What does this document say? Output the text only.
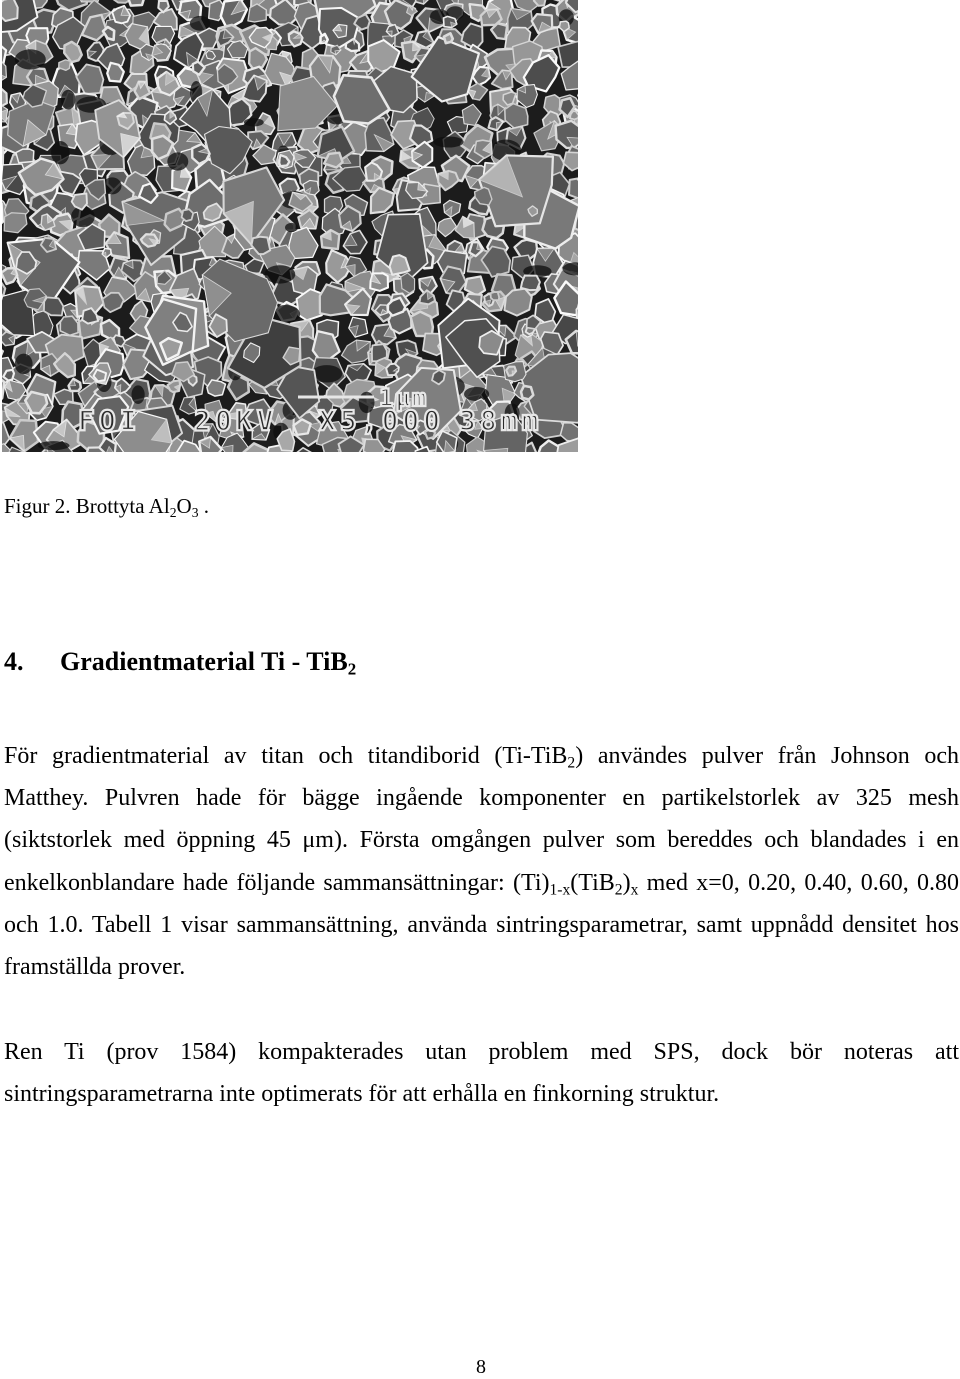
1µm
FOI 20KV X5,000 38mm
Figur 2. Brottyta $Al_2O_3$ .
4. Gradientmaterial Ti - TiB$_2$
För gradientmaterial av titan och titandiborid (Ti-TiB$_2$) användes pulver från Johnson och
Matthey. Pulvren hade för bägge ingående komponenter en partikelstorlek av 325 mesh
(siktstorlek med öppning 45 μm). Första omgången pulver som bereddes och blandades i en
enkelkonblandare hade följande sammansättningar: $(Ti)_{1-x}(TiB_2)_x$ med x=0, 0.20, 0.40, 0.60, 0.80
och 1.0. Tabell 1 visar sammansättning, använda sintringsparametrar, samt uppnådd densitet hos
framställda prover.
Ren Ti (prov 1584) kompakterades utan problem med SPS, dock bör noteras att
sintringsparametrarna inte optimerats för att erhålla en finkorning struktur.
8
